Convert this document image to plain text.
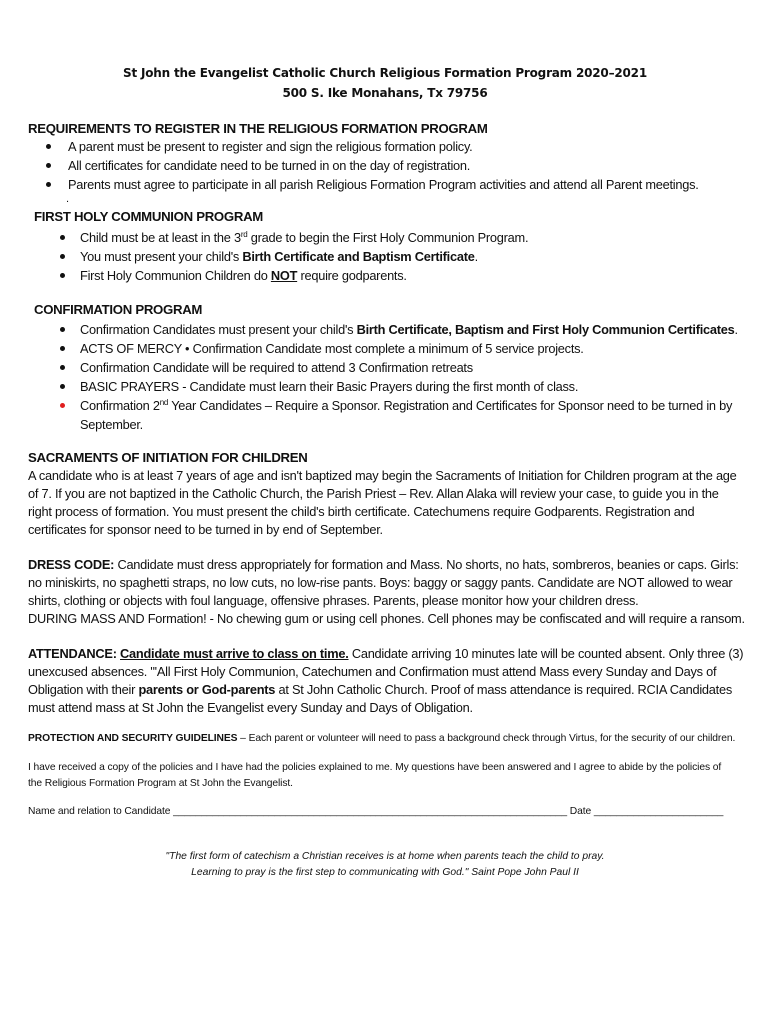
St John the Evangelist Catholic Church Religious Formation Program 2020–2021
500 S. Ike Monahans, Tx 79756
REQUIREMENTS TO REGISTER IN THE RELIGIOUS FORMATION PROGRAM
A parent must be present to register and sign the religious formation policy.
All certificates for candidate need to be turned in on the day of registration.
Parents must agree to participate in all parish Religious Formation Program activities and attend all Parent meetings.
.
FIRST HOLY COMMUNION PROGRAM
Child must be at least in the 3rd grade to begin the First Holy Communion Program.
You must present your child's Birth Certificate and Baptism Certificate.
First Holy Communion Children do NOT require godparents.
CONFIRMATION PROGRAM
Confirmation Candidates must present your child's Birth Certificate, Baptism and First Holy Communion Certificates.
ACTS OF MERCY • Confirmation Candidate most complete a minimum of 5 service projects.
Confirmation Candidate will be required to attend 3 Confirmation retreats
BASIC PRAYERS - Candidate must learn their Basic Prayers during the first month of class.
Confirmation 2nd Year Candidates – Require a Sponsor. Registration and Certificates for Sponsor need to be turned in by
September.
SACRAMENTS OF INITIATION FOR CHILDREN
A candidate who is at least 7 years of age and isn't baptized may begin the Sacraments of Initiation for Children program at the age
of 7. If you are not baptized in the Catholic Church, the Parish Priest – Rev. Allan Alaka will review your case, to guide you in the
right process of formation. You must present the child's birth certificate. Catechumens require Godparents. Registration and
certificates for sponsor need to be turned in by end of September.
DRESS CODE: Candidate must dress appropriately for formation and Mass. No shorts, no hats, sombreros, beanies or caps. Girls:
no miniskirts, no spaghetti straps, no low cuts, no low-rise pants. Boys: baggy or saggy pants. Candidate are NOT allowed to wear
shirts, clothing or objects with foul language, offensive phrases. Parents, please monitor how your children dress.
DURING MASS AND Formation! - No chewing gum or using cell phones. Cell phones may be confiscated and will require a ransom.
ATTENDANCE: Candidate must arrive to class on time. Candidate arriving 10 minutes late will be counted absent. Only three (3)
unexcused absences. "'All First Holy Communion, Catechumen and Confirmation must attend Mass every Sunday and Days of
Obligation with their parents or God-parents at St John Catholic Church. Proof of mass attendance is required. RCIA Candidates
must attend mass at St John the Evangelist every Sunday and Days of Obligation.
PROTECTION AND SECURITY GUIDELINES – Each parent or volunteer will need to pass a background check through Virtus, for the security of our children.
I have received a copy of the policies and I have had the policies explained to me. My questions have been answered and I agree to abide by the policies of
the Religious Formation Program at St John the Evangelist.
Name and relation to Candidate ______________________________________________________________________ Date _______________________
"The first form of catechism a Christian receives is at home when parents teach the child to pray.
Learning to pray is the first step to communicating with God." Saint Pope John Paul II
